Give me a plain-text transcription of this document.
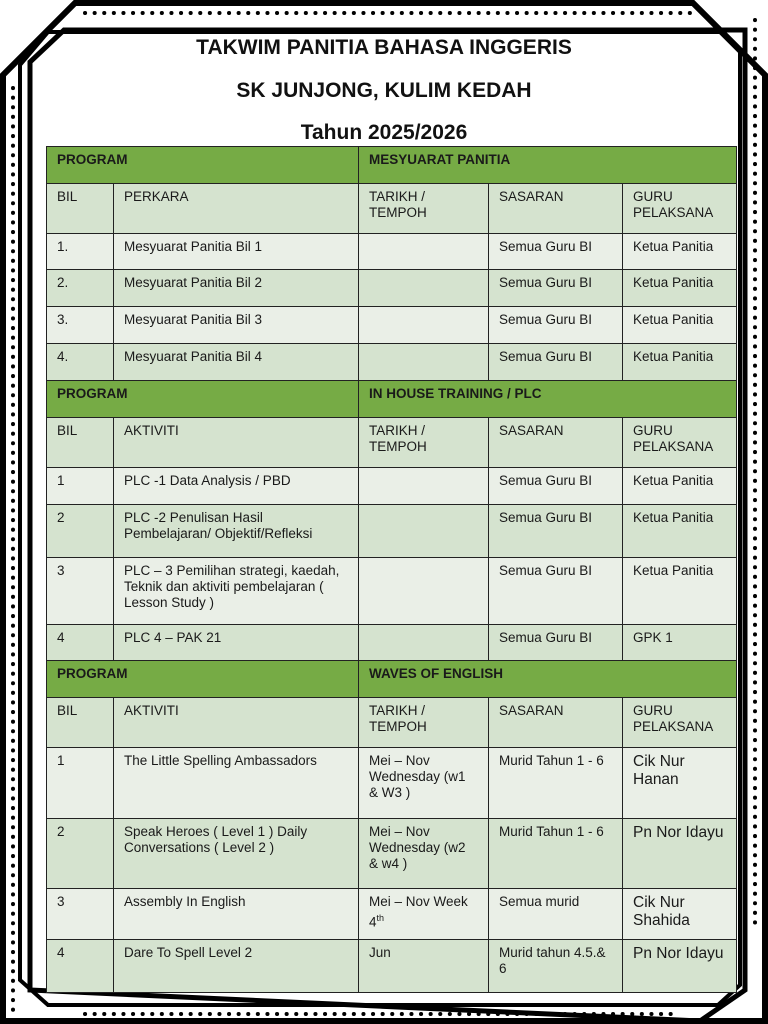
TAKWIM PANITIA BAHASA INGGERIS
SK JUNJONG, KULIM KEDAH
Tahun 2025/2026
PROGRAM		MESYUARAT PANITIA		
BIL	PERKARA	TARIKH / TEMPOH	SASARAN	GURU PELAKSANA
1.	Mesyuarat Panitia Bil 1		Semua Guru BI	Ketua Panitia
2.	Mesyuarat Panitia Bil 2		Semua Guru BI	Ketua Panitia
3.	Mesyuarat Panitia Bil 3		Semua Guru BI	Ketua Panitia
4.	Mesyuarat Panitia Bil 4		Semua Guru BI	Ketua Panitia
PROGRAM		IN HOUSE TRAINING / PLC		
BIL	AKTIVITI	TARIKH / TEMPOH	SASARAN	GURU PELAKSANA
1	PLC -1 Data Analysis / PBD		Semua Guru BI	Ketua Panitia
2	PLC -2 Penulisan Hasil Pembelajaran/ Objektif/Refleksi		Semua Guru BI	Ketua Panitia
3	PLC – 3 Pemilihan strategi, kaedah, Teknik dan aktiviti pembelajaran ( Lesson Study )		Semua Guru BI	Ketua Panitia
4	PLC 4 – PAK 21		Semua Guru BI	GPK 1
PROGRAM		WAVES OF ENGLISH		
BIL	AKTIVITI	TARIKH / TEMPOH	SASARAN	GURU PELAKSANA
1	The Little Spelling Ambassadors	Mei – Nov Wednesday (w1 & W3 )	Murid Tahun 1 - 6	Cik Nur Hanan
2	Speak Heroes ( Level 1 ) Daily Conversations ( Level 2 )	Mei – Nov Wednesday (w2 & w4 )	Murid Tahun 1 - 6	Pn Nor Idayu
3	Assembly In English	Mei – Nov Week 4th	Semua murid	Cik Nur Shahida
4	Dare To Spell Level 2	Jun	Murid tahun 4.5.& 6	Pn Nor Idayu
